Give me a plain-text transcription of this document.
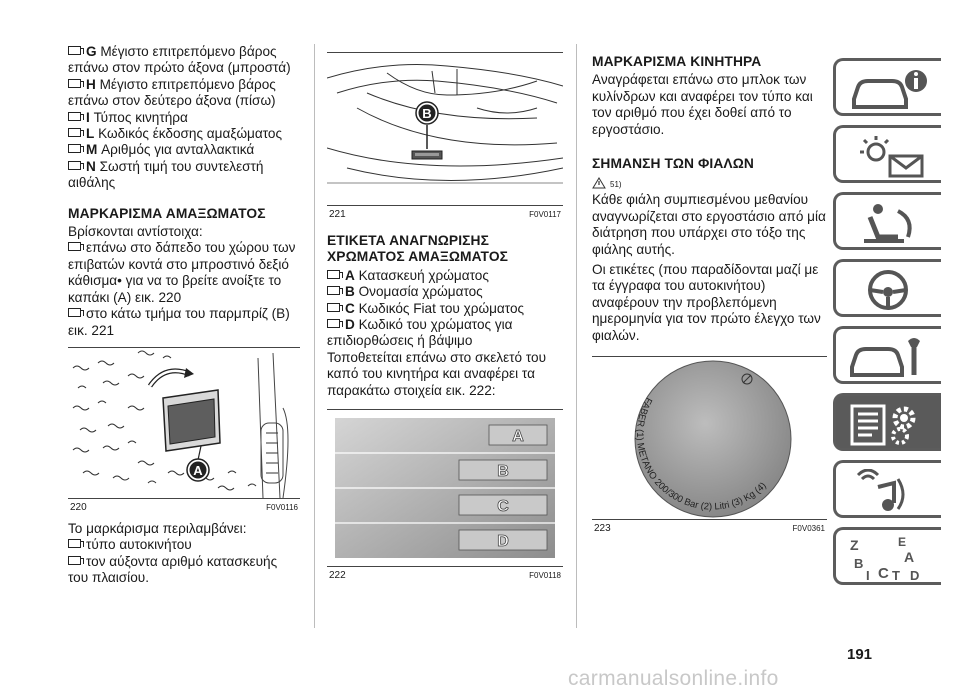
G Μέγιστο επιτρεπόμενο βάρος επάνω στον πρώτο άξονα (μπροστά)
H Μέγιστο επιτρεπόμενο βάρος επάνω στον δεύτερο άξονα (πίσω)
I Τύπος κινητήρα
L Κωδικός έκδοσης αμαξώματος
M Αριθμός για ανταλλακτικά
N Σωστή τιμή του συντελεστή αιθάλης
ΜΑΡΚΑΡΙΣΜΑ ΑΜΑΞΩΜΑΤΟΣ
Βρίσκονται αντίστοιχα:
επάνω στο δάπεδο του χώρου των επιβατών κοντά στο μπροστινό δεξιό κάθισμα• για να το βρείτε ανοίξτε το καπάκι (A) εικ. 220
στο κάτω τμήμα του παρμπρίζ (B) εικ. 221
A
220	F0V0116
Το μαρκάρισμα περιλαμβάνει:
τύπο αυτοκινήτου
τον αύξοντα αριθμό κατασκευής του πλαισίου.
B
221	F0V0117
ΕΤΙΚΕΤΑ ΑΝΑΓΝΩΡΙΣΗΣ ΧΡΩΜΑΤΟΣ ΑΜΑΞΩΜΑΤΟΣ
A Κατασκευή χρώματος
B Ονομασία χρώματος
C Κωδικός Fiat του χρώματος
D Κωδικό του χρώματος για επιδιορθώσεις ή βάψιμο
Τοποθετείται επάνω στο σκελετό του καπό του κινητήρα και αναφέρει τα παρακάτω στοιχεία εικ. 222:
A
B
C
D
222	F0V0118
ΜΑΡΚΑΡΙΣΜΑ ΚΙΝΗΤΗΡΑ
Αναγράφεται επάνω στο μπλοκ των κυλίνδρων και αναφέρει τον τύπο και τον αριθμό που έχει δοθεί από το εργοστάσιο.
ΣΗΜΑΝΣΗ ΤΩΝ ΦΙΑΛΩΝ
51)
Κάθε φιάλη συμπιεσμένου μεθανίου αναγνωρίζεται στο εργοστάσιο από μία διάτρηση που υπάρχει στο τόξο της φιάλης αυτής.
Οι ετικέτες (που παραδίδονται μαζί με τα έγγραφα του αυτοκινήτου) αναφέρουν την προβλεπόμενη ημερομηνία για τον πρώτο έλεγχο των φιαλών.
FABER (1) METANO 200/300 Bar (2) Litri (3) Kg (4)
223	F0V0361
Z	E
B	A
I C T D
191
carmanualsonline.info
